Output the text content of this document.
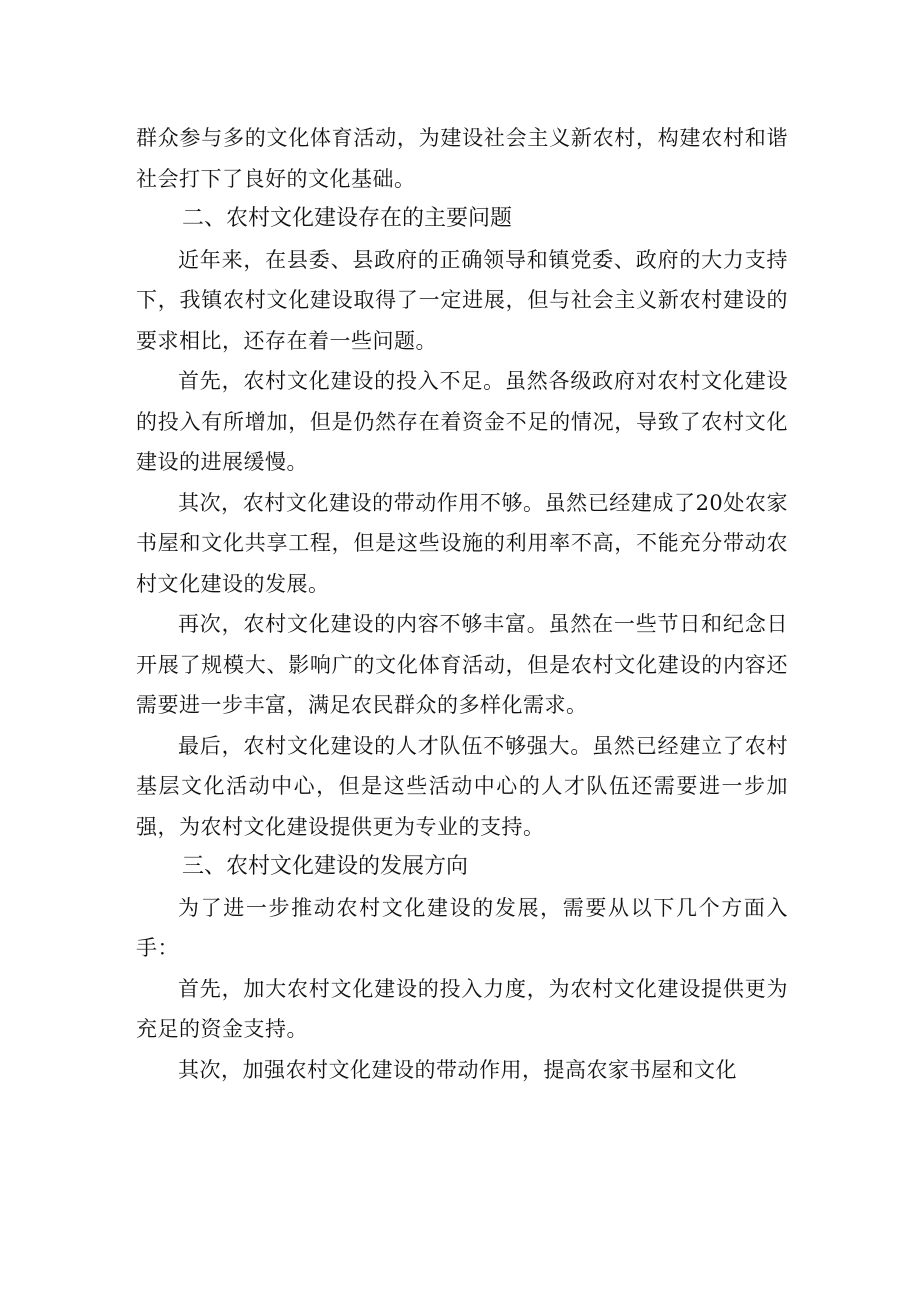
群众参与多的文化体育活动，为建设社会主义新农村，构建农村和谐社会打下了良好的文化基础。

二、农村文化建设存在的主要问题

近年来，在县委、县政府的正确领导和镇党委、政府的大力支持下，我镇农村文化建设取得了一定进展，但与社会主义新农村建设的要求相比，还存在着一些问题。

首先，农村文化建设的投入不足。虽然各级政府对农村文化建设的投入有所增加，但是仍然存在着资金不足的情况，导致了农村文化建设的进展缓慢。

其次，农村文化建设的带动作用不够。虽然已经建成了20处农家书屋和文化共享工程，但是这些设施的利用率不高，不能充分带动农村文化建设的发展。

再次，农村文化建设的内容不够丰富。虽然在一些节日和纪念日开展了规模大、影响广的文化体育活动，但是农村文化建设的内容还需要进一步丰富，满足农民群众的多样化需求。

最后，农村文化建设的人才队伍不够强大。虽然已经建立了农村基层文化活动中心，但是这些活动中心的人才队伍还需要进一步加强，为农村文化建设提供更为专业的支持。

三、农村文化建设的发展方向

为了进一步推动农村文化建设的发展，需要从以下几个方面入手：

首先，加大农村文化建设的投入力度，为农村文化建设提供更为充足的资金支持。

其次，加强农村文化建设的带动作用，提高农家书屋和文化
